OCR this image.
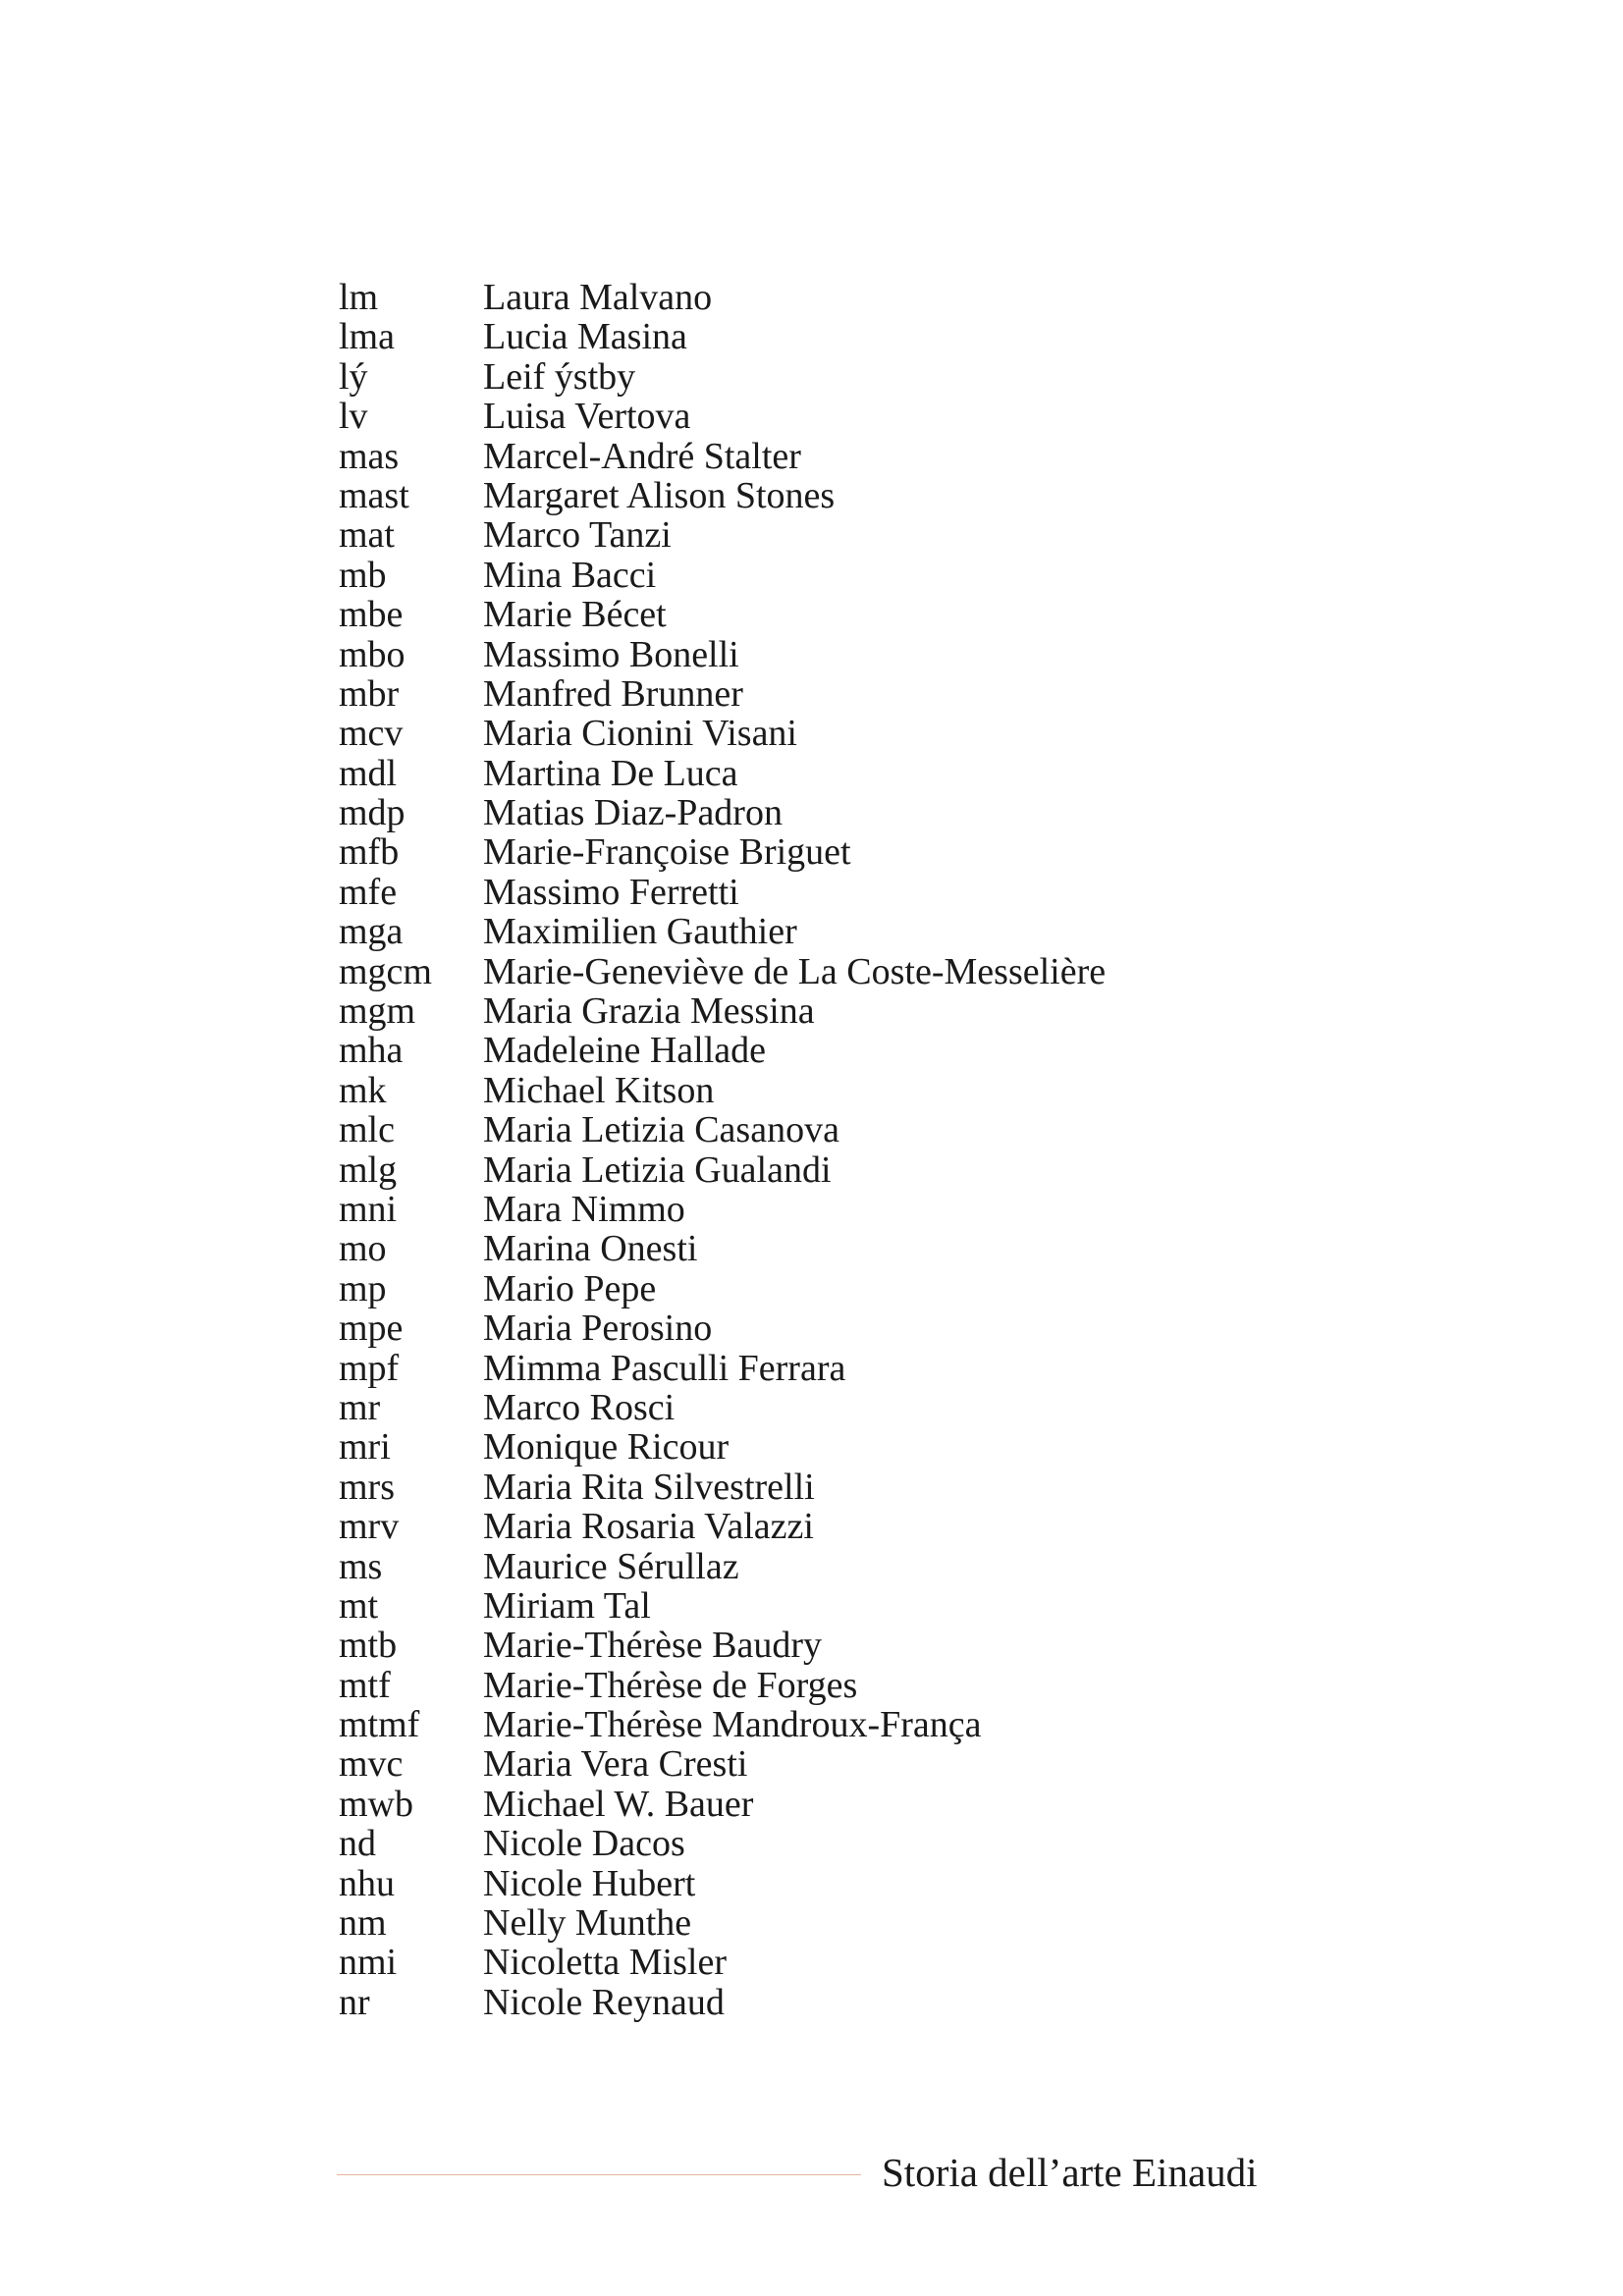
lm	Laura Malvano
lma Lucia Masina
lý	Leif ýstby
lv	Luisa Vertova
mas Marcel-André Stalter
mast Margaret Alison Stones
mat Marco Tanzi
mb	Mina Bacci
mbe Marie Bécet
mbo Massimo Bonelli
mbr Manfred Brunner
mcv Maria Cionini Visani
mdl Martina De Luca
mdp Matias Diaz-Padron
mfb Marie-Françoise Briguet
mfe Massimo Ferretti
mga Maximilien Gauthier
mgcm Marie-Geneviève de La Coste-Messelière
mgm Maria Grazia Messina
mha Madeleine Hallade
mk	Michael Kitson
mlc Maria Letizia Casanova
mlg Maria Letizia Gualandi
mni Mara Nimmo
mo	Marina Onesti
mp	Mario Pepe
mpe Maria Perosino
mpf Mimma Pasculli Ferrara
mr	Marco Rosci
mri Monique Ricour
mrs Maria Rita Silvestrelli
mrv Maria Rosaria Valazzi
ms	Maurice Sérullaz
mt	Miriam Tal
mtb Marie-Thérèse Baudry
mtf Marie-Thérèse de Forges
mtmf Marie-Thérèse Mandroux-França
mvc Maria Vera Cresti
mwb Michael W. Bauer
nd	Nicole Dacos
nhu Nicole Hubert
nm	Nelly Munthe
nmi Nicoletta Misler
nr	Nicole Reynaud
Storia dell’arte Einaudi
